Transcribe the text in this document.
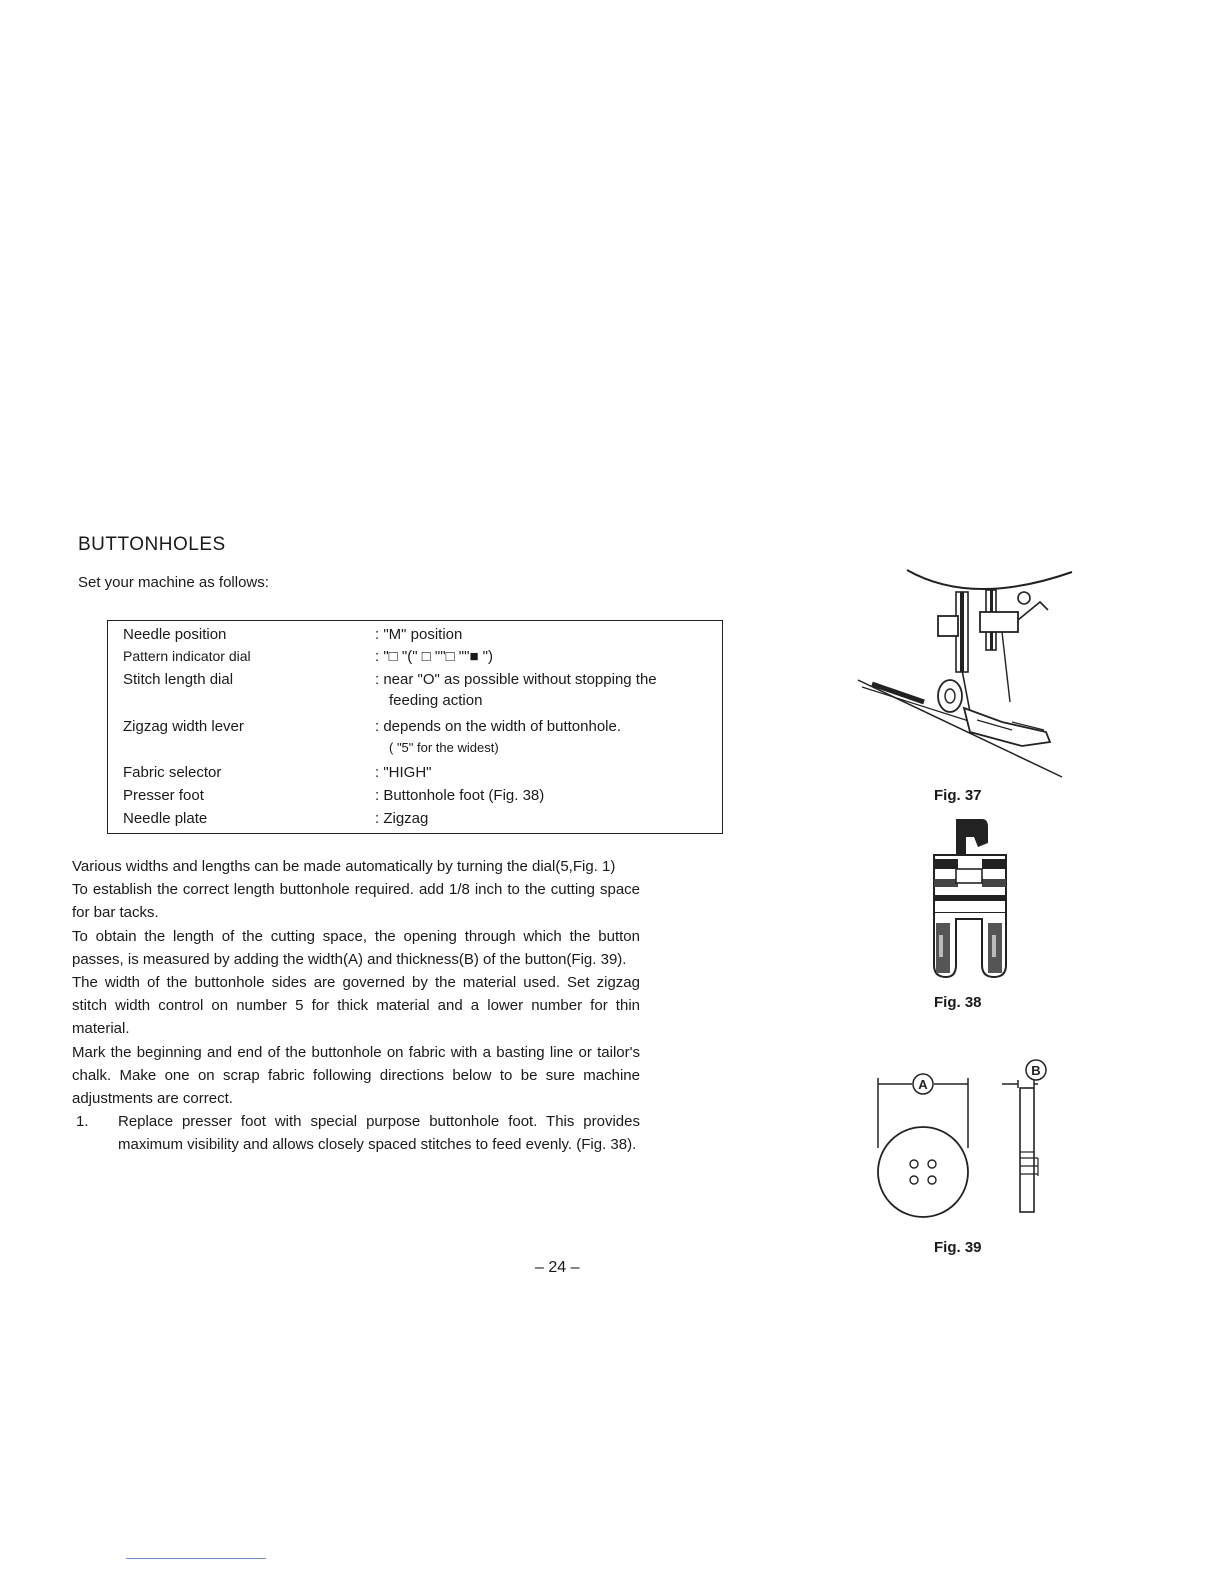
BUTTONHOLES
Set your machine as follows:
Needle position	: "M" position
Pattern indicator dial	: "□ "(" □ ""□ ""■ ")
Stitch length dial	: near "O" as possible without stopping the
feeding action
Zigzag width lever	: depends on the width of buttonhole.
( "5" for the widest)
Fabric selector	: "HIGH"
Presser foot	: Buttonhole foot (Fig. 38)
Needle plate	: Zigzag

Various widths and lengths can be made automatically by turning the dial(5,Fig. 1)

To establish the correct length buttonhole required. add 1/8 inch to the cutting space for bar tacks.

To obtain the length of the cutting space, the opening through which the button passes, is measured by adding the width(A) and thickness(B) of the button(Fig. 39).

The width of the buttonhole sides are governed by the material used. Set zigzag stitch width control on number 5 for thick material and a lower number for thin material.

Mark the beginning and end of the buttonhole on fabric with a basting line or tailor's chalk. Make one on scrap fabric following directions below to be sure machine adjustments are correct.

1. Replace presser foot with special purpose buttonhole foot. This provides maximum visibility and allows closely spaced stitches to feed evenly. (Fig. 38).
– 24 –
Fig. 37
Fig. 38
A
B
Fig. 39
